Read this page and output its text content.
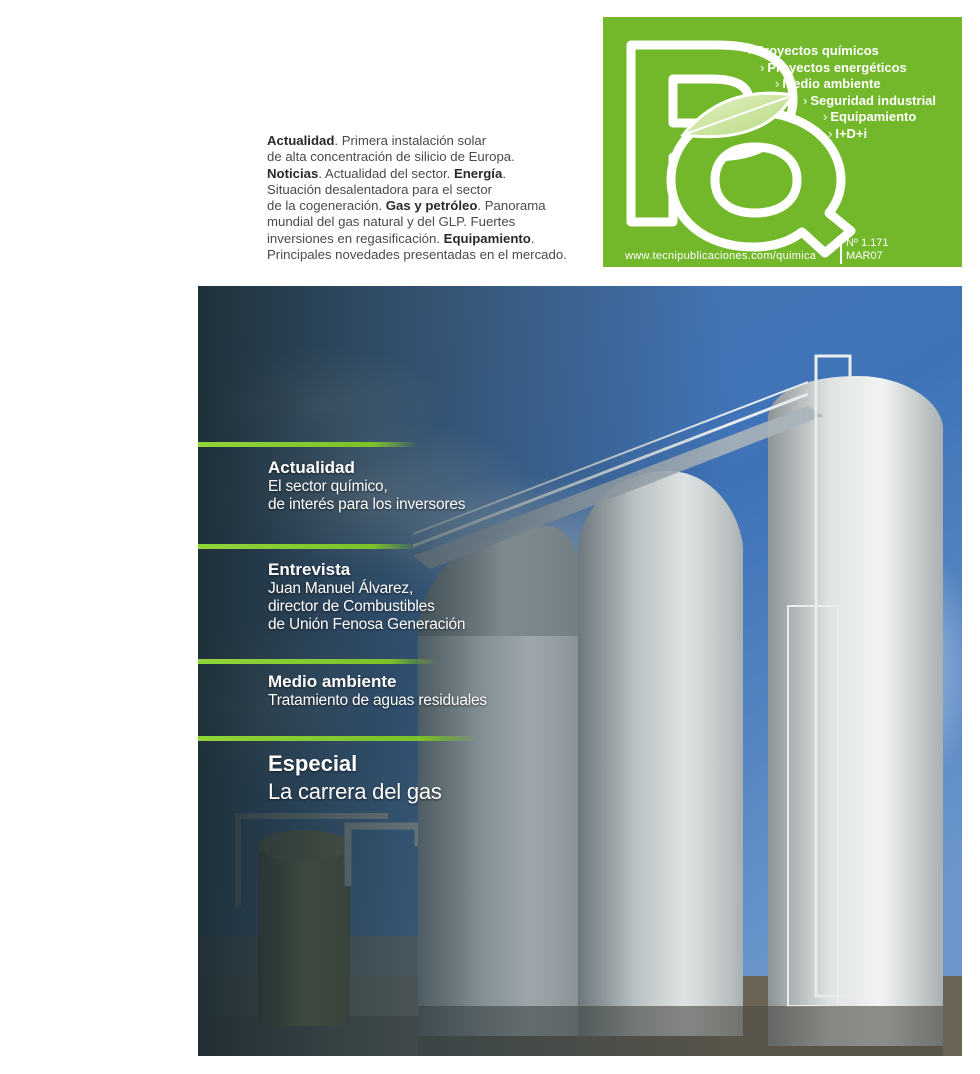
Actualidad. Primera instalación solar
de alta concentración de silicio de Europa.
Noticias. Actualidad del sector. Energía.
Situación desalentadora para el sector
de la cogeneración. Gas y petróleo. Panorama
mundial del gas natural y del GLP. Fuertes
inversiones en regasificación. Equipamiento.
Principales novedades presentadas en el mercado.
› Proyectos químicos
› Proyectos energéticos
› Medio ambiente
› Seguridad industrial
› Equipamiento
› I+D+i
www.tecnipublicaciones.com/quimica
Nº 1.171
MAR07
Actualidad
El sector químico,
de interés para los inversores
Entrevista
Juan Manuel Álvarez,
director de Combustibles
de Unión Fenosa Generación
Medio ambiente
Tratamiento de aguas residuales
Especial
La carrera del gas
